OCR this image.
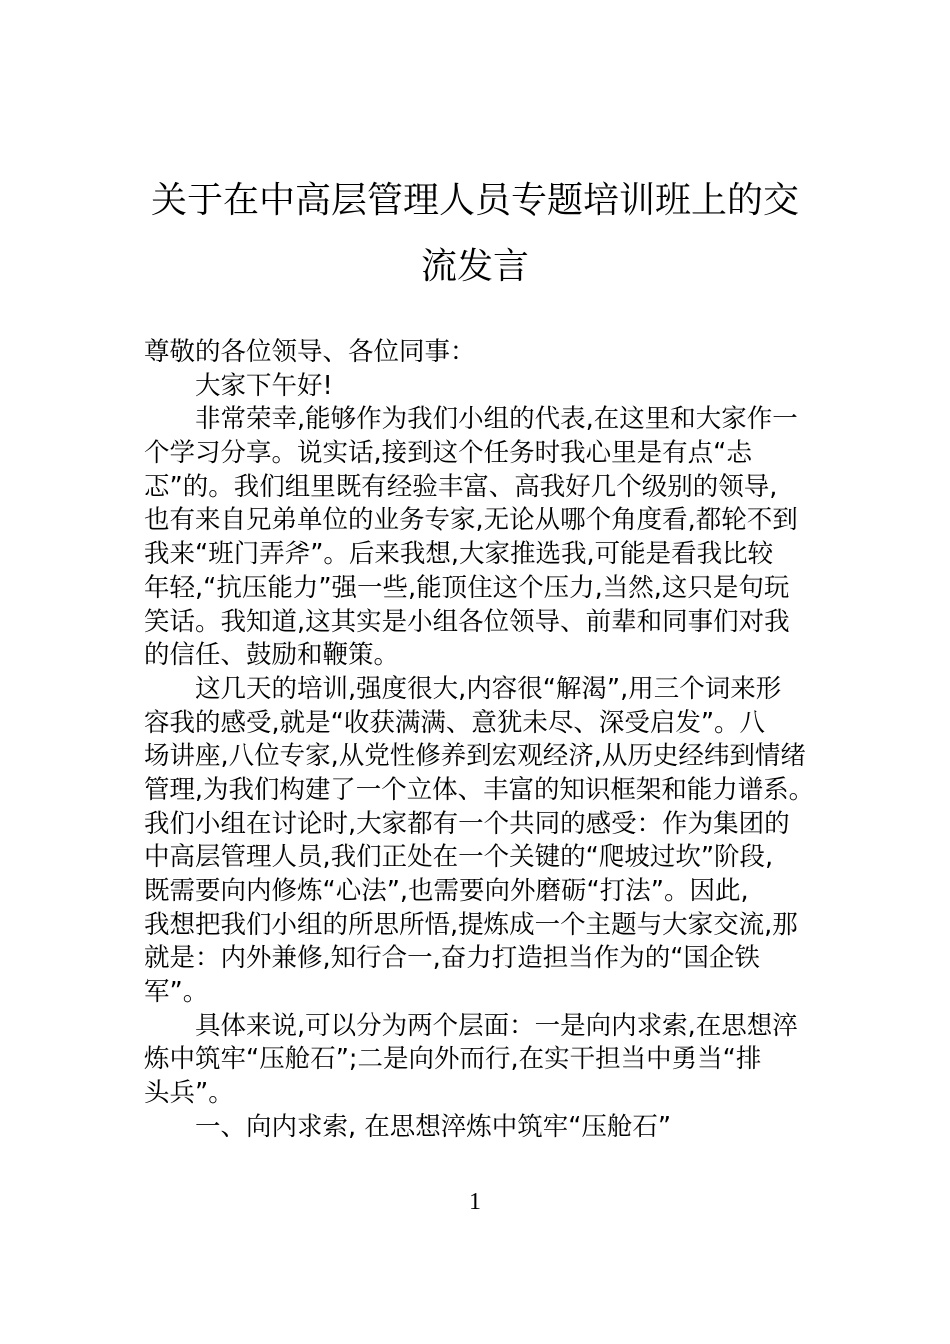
关于在中高层管理人员专题培训班上的交
流发言
尊敬的各位领导、各位同事：
大家下午好!
非常荣幸,能够作为我们小组的代表,在这里和大家作一
个学习分享。说实话,接到这个任务时我心里是有点“忐
忑”的。我们组里既有经验丰富、高我好几个级别的领导,
也有来自兄弟单位的业务专家,无论从哪个角度看,都轮不到
我来“班门弄斧”。后来我想,大家推选我,可能是看我比较
年轻,“抗压能力”强一些,能顶住这个压力,当然,这只是句玩
笑话。我知道,这其实是小组各位领导、前辈和同事们对我
的信任、鼓励和鞭策。
这几天的培训,强度很大,内容很“解渴”,用三个词来形
容我的感受,就是“收获满满、意犹未尽、深受启发”。八
场讲座,八位专家,从党性修养到宏观经济,从历史经纬到情绪
管理,为我们构建了一个立体、丰富的知识框架和能力谱系。
我们小组在讨论时,大家都有一个共同的感受：作为集团的
中高层管理人员,我们正处在一个关键的“爬坡过坎”阶段,
既需要向内修炼“心法”,也需要向外磨砺“打法”。因此,
我想把我们小组的所思所悟,提炼成一个主题与大家交流,那
就是：内外兼修,知行合一,奋力打造担当作为的“国企铁
军”。
具体来说,可以分为两个层面：一是向内求索,在思想淬
炼中筑牢“压舱石”;二是向外而行,在实干担当中勇当“排
头兵”。
一、向内求索, 在思想淬炼中筑牢“压舱石”
1
